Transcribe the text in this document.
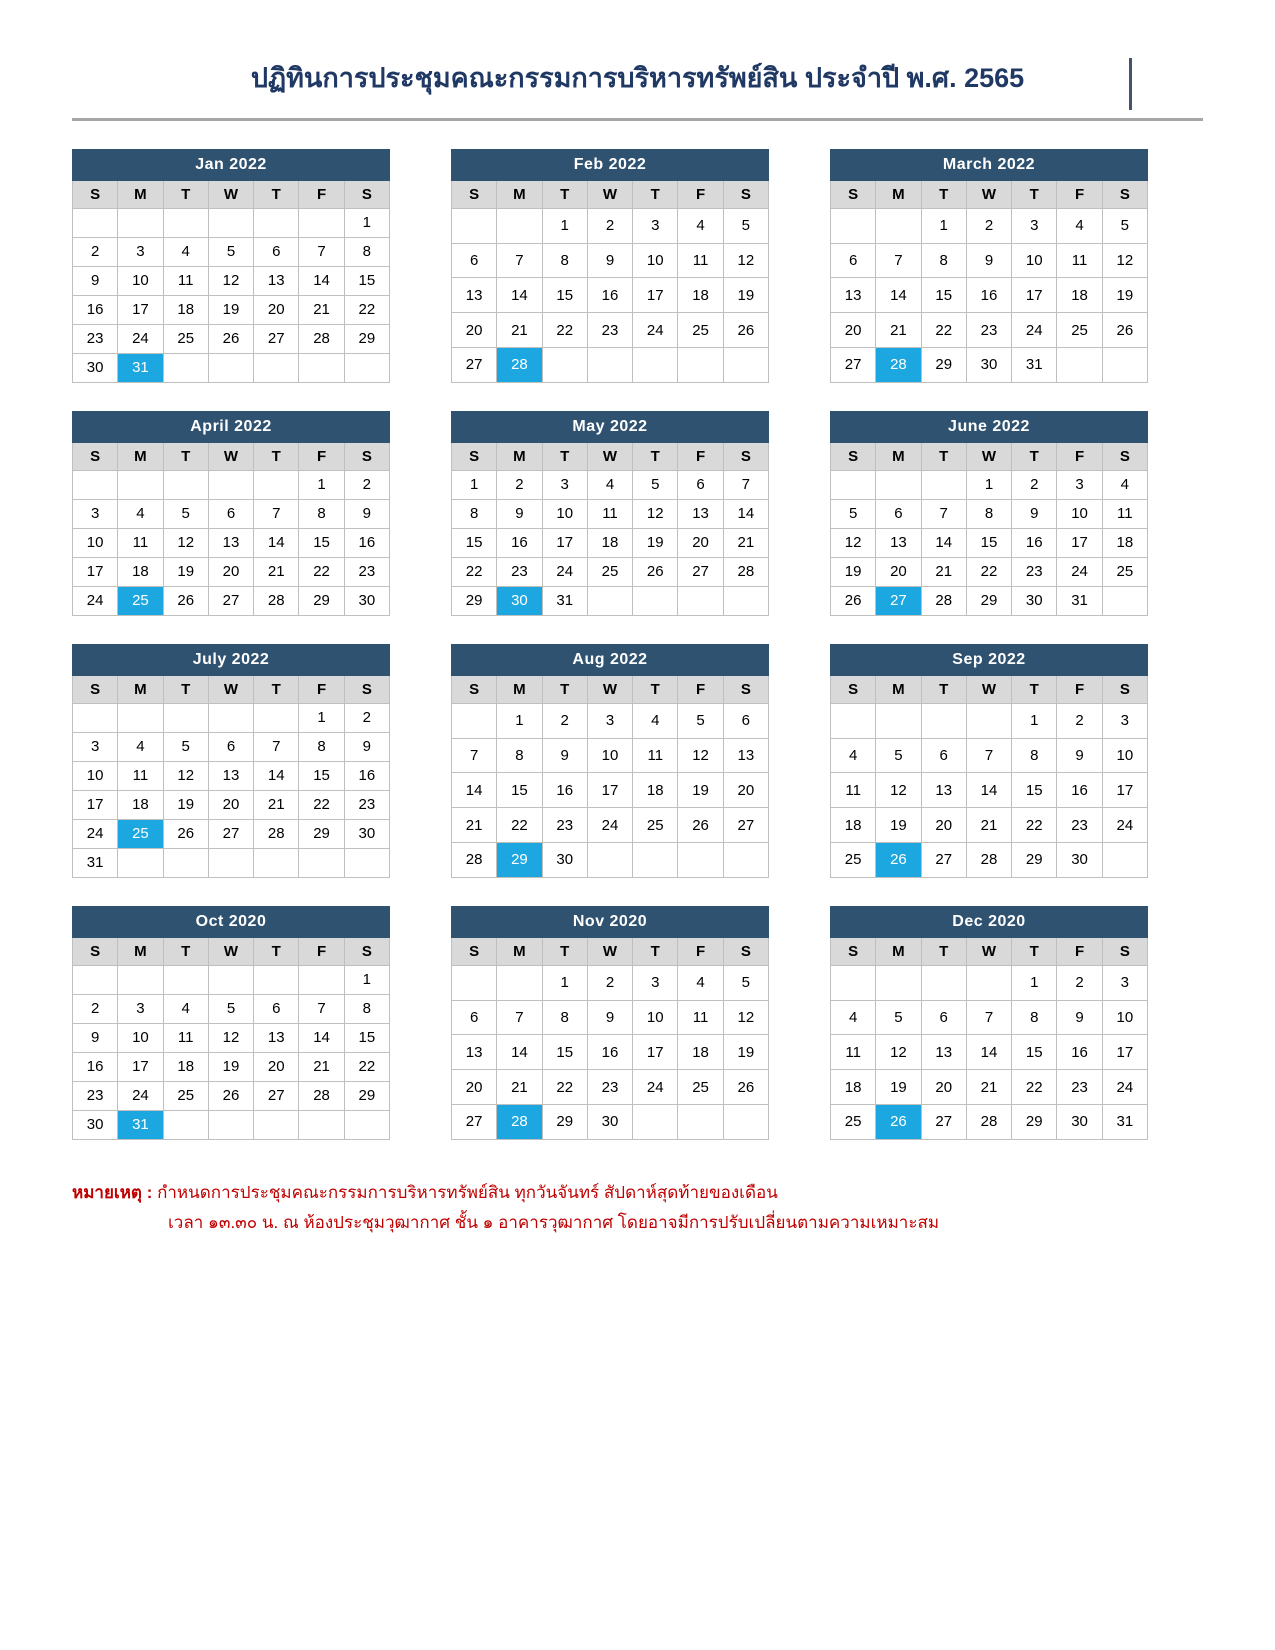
ปฏิทินการประชุมคณะกรรมการบริหารทรัพย์สิน ประจำปี พ.ศ. 2565
Jan 2022						
S	M	T	W	T	F	S
						1
2	3	4	5	6	7	8
9	10	11	12	13	14	15
16	17	18	19	20	21	22
23	24	25	26	27	28	29
30	31					
Feb 2022						
S	M	T	W	T	F	S
		1	2	3	4	5
6	7	8	9	10	11	12
13	14	15	16	17	18	19
20	21	22	23	24	25	26
27	28					
March 2022						
S	M	T	W	T	F	S
		1	2	3	4	5
6	7	8	9	10	11	12
13	14	15	16	17	18	19
20	21	22	23	24	25	26
27	28	29	30	31		
April 2022						
S	M	T	W	T	F	S
					1	2
3	4	5	6	7	8	9
10	11	12	13	14	15	16
17	18	19	20	21	22	23
24	25	26	27	28	29	30
May 2022						
S	M	T	W	T	F	S
1	2	3	4	5	6	7
8	9	10	11	12	13	14
15	16	17	18	19	20	21
22	23	24	25	26	27	28
29	30	31				
June 2022						
S	M	T	W	T	F	S
			1	2	3	4
5	6	7	8	9	10	11
12	13	14	15	16	17	18
19	20	21	22	23	24	25
26	27	28	29	30	31	
July 2022						
S	M	T	W	T	F	S
					1	2
3	4	5	6	7	8	9
10	11	12	13	14	15	16
17	18	19	20	21	22	23
24	25	26	27	28	29	30
31						
Aug 2022						
S	M	T	W	T	F	S
	1	2	3	4	5	6
7	8	9	10	11	12	13
14	15	16	17	18	19	20
21	22	23	24	25	26	27
28	29	30				
Sep 2022						
S	M	T	W	T	F	S
				1	2	3
4	5	6	7	8	9	10
11	12	13	14	15	16	17
18	19	20	21	22	23	24
25	26	27	28	29	30	
Oct 2020						
S	M	T	W	T	F	S
						1
2	3	4	5	6	7	8
9	10	11	12	13	14	15
16	17	18	19	20	21	22
23	24	25	26	27	28	29
30	31					
Nov 2020						
S	M	T	W	T	F	S
		1	2	3	4	5
6	7	8	9	10	11	12
13	14	15	16	17	18	19
20	21	22	23	24	25	26
27	28	29	30			
Dec 2020						
S	M	T	W	T	F	S
				1	2	3
4	5	6	7	8	9	10
11	12	13	14	15	16	17
18	19	20	21	22	23	24
25	26	27	28	29	30	31
หมายเหตุ : กำหนดการประชุมคณะกรรมการบริหารทรัพย์สิน ทุกวันจันทร์ สัปดาห์สุดท้ายของเดือน
เวลา ๑๓.๓๐ น. ณ ห้องประชุมวุฒากาศ ชั้น ๑ อาคารวุฒากาศ โดยอาจมีการปรับเปลี่ยนตามความเหมาะสม
